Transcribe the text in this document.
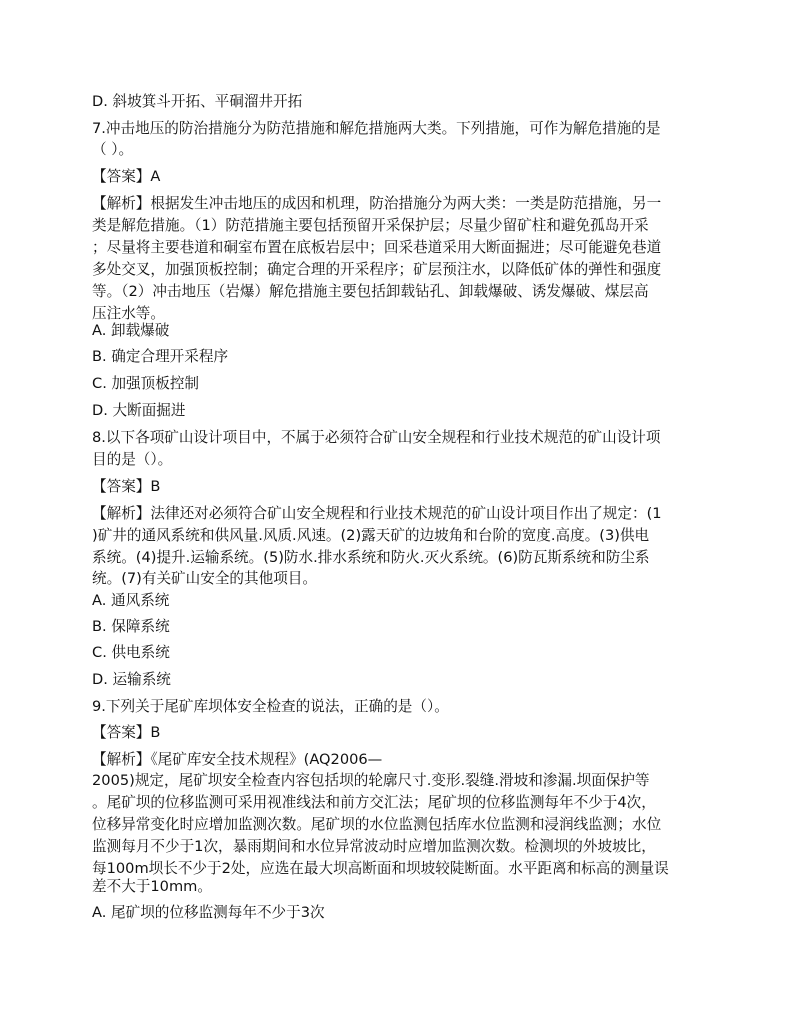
D. 斜坡箕斗开拓、平硐溜井开拓
7.冲击地压的防治措施分为防范措施和解危措施两大类。下列措施，可作为解危措施的是
（ ）。
【答案】A
【解析】根据发生冲击地压的成因和机理，防治措施分为两大类：一类是防范措施，另一
类是解危措施。（1）防范措施主要包括预留开采保护层；尽量少留矿柱和避免孤岛开采
；尽量将主要巷道和硐室布置在底板岩层中；回采巷道采用大断面掘进；尽可能避免巷道
多处交叉，加强顶板控制；确定合理的开采程序；矿层预注水，以降低矿体的弹性和强度
等。（2）冲击地压（岩爆）解危措施主要包括卸载钻孔、卸载爆破、诱发爆破、煤层高
压注水等。
A. 卸载爆破
B. 确定合理开采程序
C. 加强顶板控制
D. 大断面掘进
8.以下各项矿山设计项目中，不属于必须符合矿山安全规程和行业技术规范的矿山设计项
目的是（）。
【答案】B
【解析】法律还对必须符合矿山安全规程和行业技术规范的矿山设计项目作出了规定：(1
)矿井的通风系统和供风量.风质.风速。(2)露天矿的边坡角和台阶的宽度.高度。(3)供电
系统。(4)提升.运输系统。(5)防水.排水系统和防火.灭火系统。(6)防瓦斯系统和防尘系
统。(7)有关矿山安全的其他项目。
A. 通风系统
B. 保障系统
C. 供电系统
D. 运输系统
9.下列关于尾矿库坝体安全检查的说法，正确的是（）。
【答案】B
【解析】《尾矿库安全技术规程》(AQ2006—
2005)规定，尾矿坝安全检查内容包括坝的轮廓尺寸.变形.裂缝.滑坡和渗漏.坝面保护等
。尾矿坝的位移监测可采用视准线法和前方交汇法；尾矿坝的位移监测每年不少于4次，
位移异常变化时应增加监测次数。尾矿坝的水位监测包括库水位监测和浸润线监测；水位
监测每月不少于1次，暴雨期间和水位异常波动时应增加监测次数。检测坝的外坡坡比，
每100m坝长不少于2处，应选在最大坝高断面和坝坡较陡断面。水平距离和标高的测量误
差不大于10mm。
A. 尾矿坝的位移监测每年不少于3次
